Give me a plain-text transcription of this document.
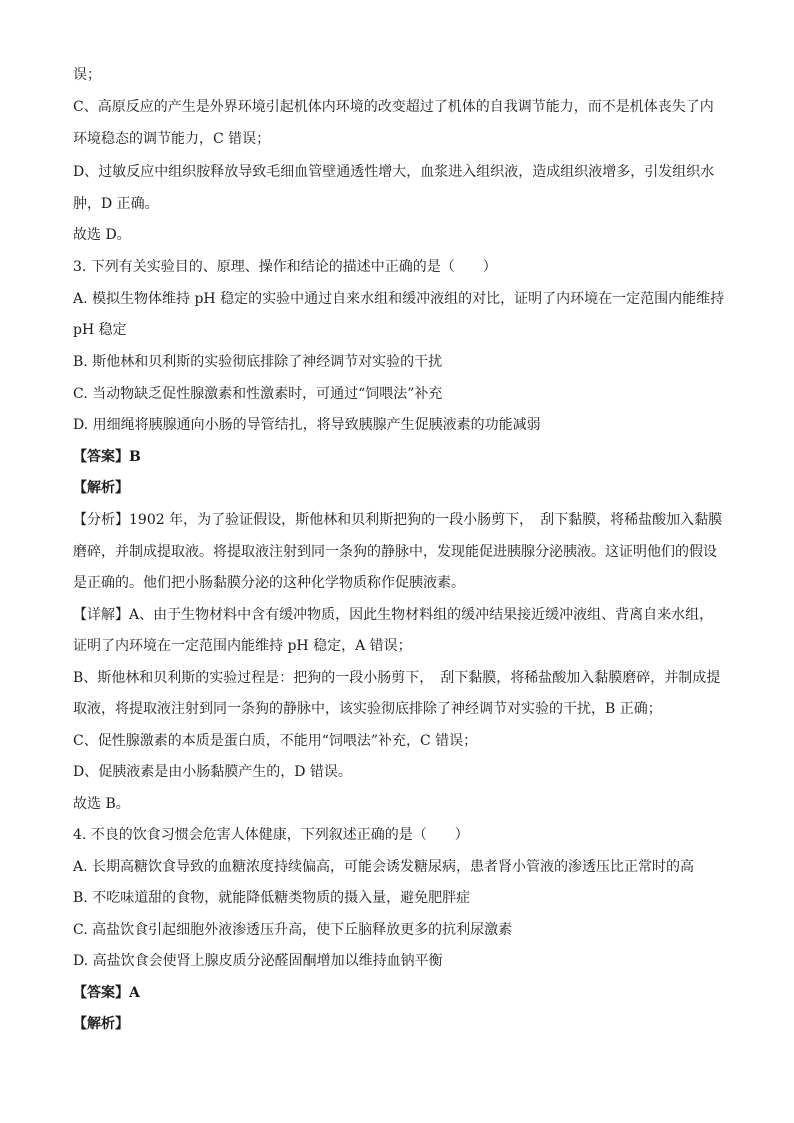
误；
C、高原反应的产生是外界环境引起机体内环境的改变超过了机体的自我调节能力，而不是机体丧失了内
环境稳态的调节能力，C 错误；
D、过敏反应中组织胺释放导致毛细血管壁通透性增大，血浆进入组织液，造成组织液增多，引发组织水
肿，D 正确。
故选 D。
3. 下列有关实验目的、原理、操作和结论的描述中正确的是（　　）
A. 模拟生物体维持 pH 稳定的实验中通过自来水组和缓冲液组的对比，证明了内环境在一定范围内能维持
pH 稳定
B. 斯他林和贝利斯的实验彻底排除了神经调节对实验的干扰
C. 当动物缺乏促性腺激素和性激素时，可通过“饲喂法”补充
D. 用细绳将胰腺通向小肠的导管结扎，将导致胰腺产生促胰液素的功能减弱
【答案】B
【解析】
【分析】1902 年，为了验证假设，斯他林和贝利斯把狗的一段小肠剪下，　刮下黏膜，将稀盐酸加入黏膜
磨碎，并制成提取液。将提取液注射到同一条狗的静脉中，发现能促进胰腺分泌胰液。这证明他们的假设
是正确的。他们把小肠黏膜分泌的这种化学物质称作促胰液素。
【详解】A、由于生物材料中含有缓冲物质，因此生物材料组的缓冲结果接近缓冲液组、背离自来水组，
证明了内环境在一定范围内能维持 pH 稳定，A 错误；
B、斯他林和贝利斯的实验过程是：把狗的一段小肠剪下，　刮下黏膜，将稀盐酸加入黏膜磨碎，并制成提
取液，将提取液注射到同一条狗的静脉中，该实验彻底排除了神经调节对实验的干扰，B 正确；
C、促性腺激素的本质是蛋白质，不能用“饲喂法”补充，C 错误；
D、促胰液素是由小肠黏膜产生的，D 错误。
故选 B。
4. 不良的饮食习惯会危害人体健康，下列叙述正确的是（　　）
A. 长期高糖饮食导致的血糖浓度持续偏高，可能会诱发糖尿病，患者肾小管液的渗透压比正常时的高
B. 不吃味道甜的食物，就能降低糖类物质的摄入量，避免肥胖症
C. 高盐饮食引起细胞外液渗透压升高，使下丘脑释放更多的抗利尿激素
D. 高盐饮食会使肾上腺皮质分泌醛固酮增加以维持血钠平衡
【答案】A
【解析】
